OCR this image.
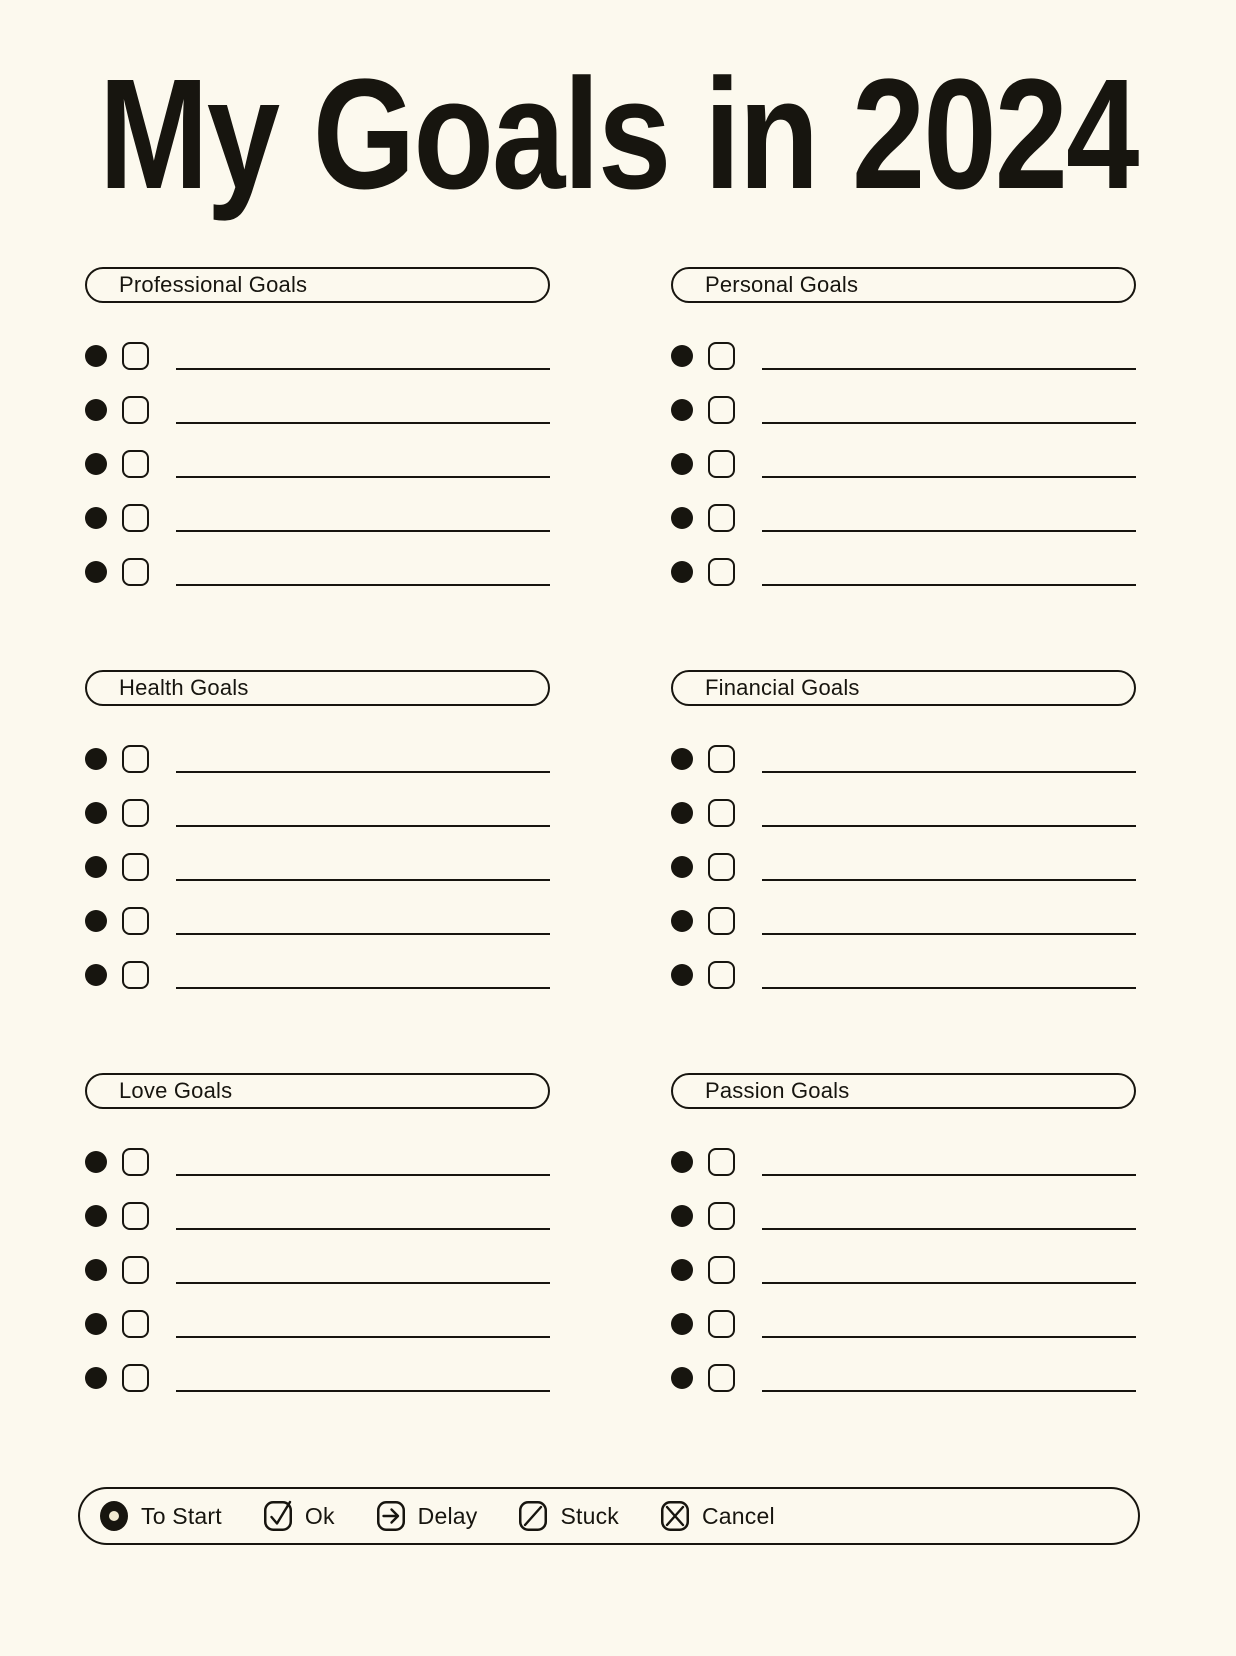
My Goals in 2024
Professional Goals	Personal Goals
Health Goals	Financial Goals
Love Goals	Passion Goals
To Start	Ok	Delay	Stuck	Cancel
